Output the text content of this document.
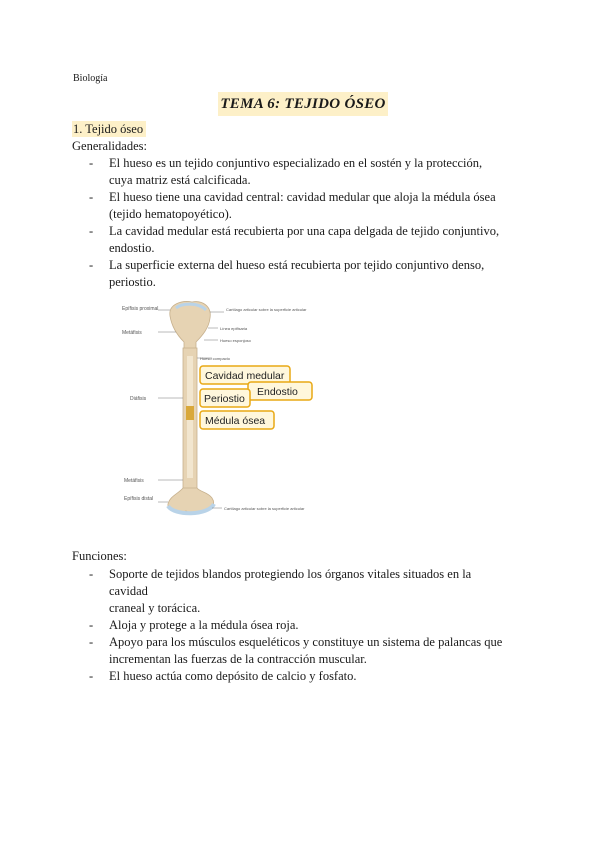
Biología
TEMA 6: TEJIDO ÓSEO
1. Tejido óseo
Generalidades:
- El hueso es un tejido conjuntivo especializado en el sostén y la protección,
cuya matriz está calcificada.
- El hueso tiene una cavidad central: cavidad medular que aloja la médula ósea
(tejido hematopoyético).
- La cavidad medular está recubierta por una capa delgada de tejido conjuntivo,
endostio.
- La superficie externa del hueso está recubierta por tejido conjuntivo denso,
periostio.
Epífisis proximal
Metáfisis
Diáfisis
Metáfisis
Epífisis distal
Cartílago articular sobre la superficie articular
Línea epifisaria
Hueso esponjoso
Hueso compacto
Cartílago articular sobre la superficie articular
Cavidad medular
Endostio
Periostio
Médula ósea
Funciones:
- Soporte de tejidos blandos protegiendo los órganos vitales situados en la
cavidad
craneal y torácica.
- Aloja y protege a la médula ósea roja.
- Apoyo para los músculos esqueléticos y constituye un sistema de palancas que
incrementan las fuerzas de la contracción muscular.
- El hueso actúa como depósito de calcio y fosfato.
